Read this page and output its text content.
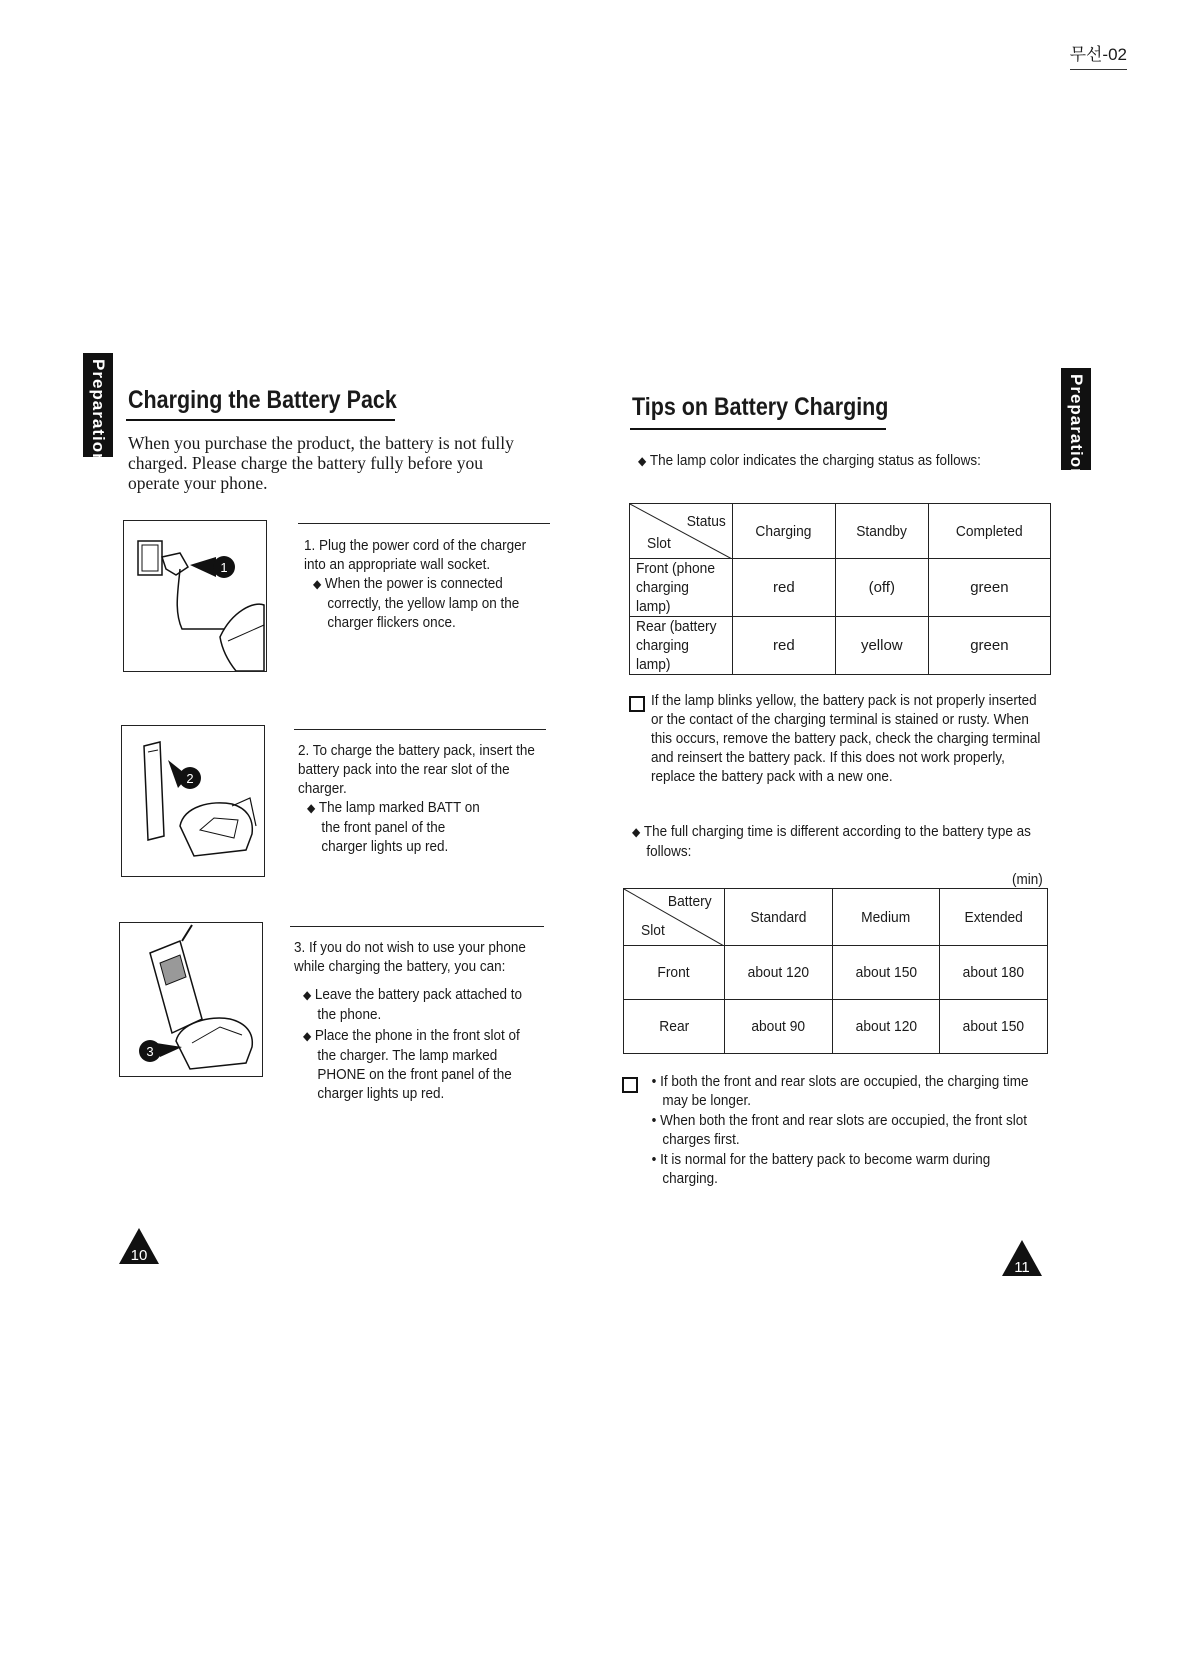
무선-02
Preparation Charging the Battery Pack
When you purchase the product, the battery is not fully charged. Please charge the battery fully before you operate your phone.
1

1. Plug the power cord of the charger into an appropriate wall socket.

◆ When the power is connected correctly, the yellow lamp on the charger flickers once.

2

2. To charge the battery pack, insert the battery pack into the rear slot of the charger.

◆ The lamp marked BATT on the front panel of the charger lights up red.

3

3. If you do not wish to use your phone while charging the battery, you can:

◆ Leave the battery pack attached to the phone.

◆ Place the phone in the front slot of the charger. The lamp marked PHONE on the front panel of the charger lights up red.

10
Preparation
Tips on Battery Charging

◆ The lamp color indicates the charging status as follows:

Status
Slot	Charging	Standby	Completed
Front (phone charging lamp)	red	(off)	green
Rear (battery charging lamp)	red	yellow	green

If the lamp blinks yellow, the battery pack is not properly inserted or the contact of the charging terminal is stained or rusty. When this occurs, remove the battery pack, check the charging terminal and reinsert the battery pack. If this does not work properly, replace the battery pack with a new one.

◆ The full charging time is different according to the battery type as follows:

(min)
Battery
Slot	Standard	Medium	Extended
Front	about 120	about 150	about 180
Rear	about 90	about 120	about 150

• If both the front and rear slots are occupied, the charging time may be longer.

• When both the front and rear slots are occupied, the front slot charges first.

• It is normal for the battery pack to become warm during charging.

11
